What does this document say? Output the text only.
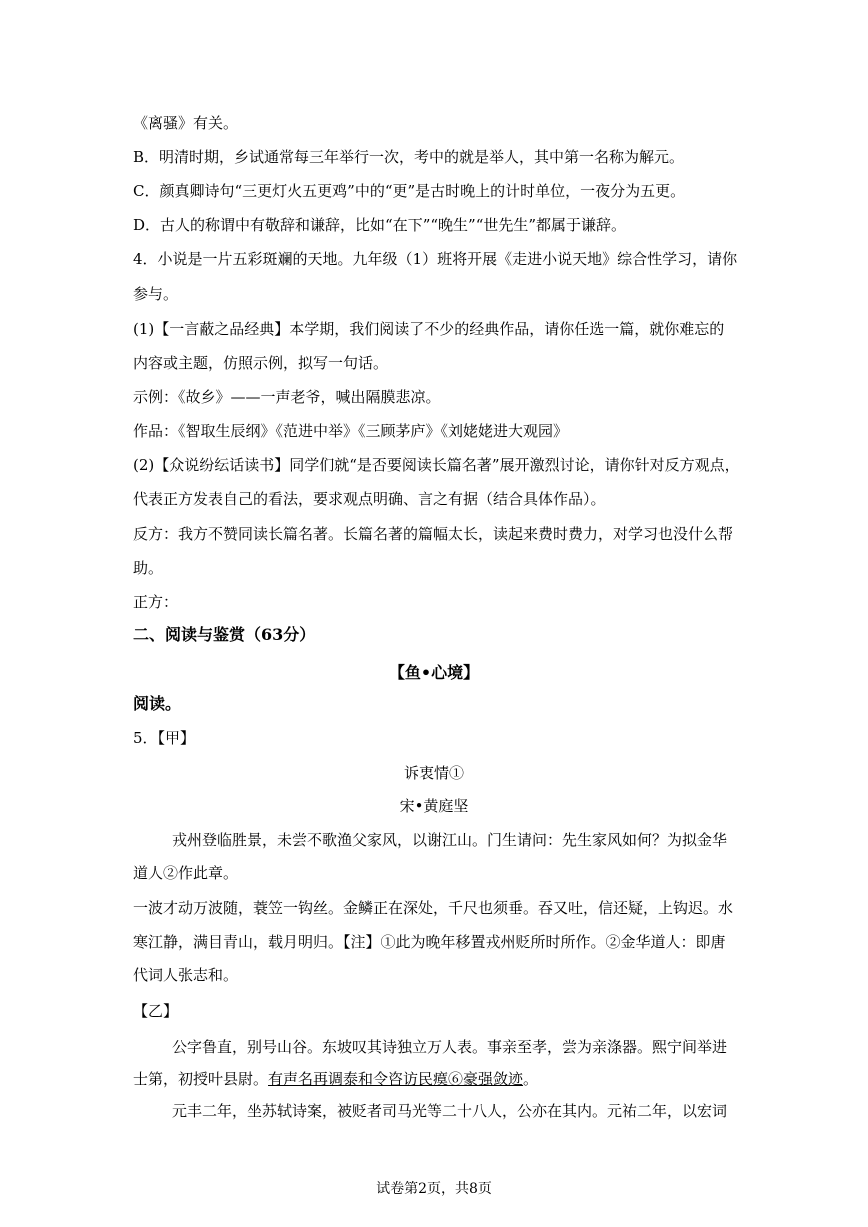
《离骚》有关。
B．明清时期，乡试通常每三年举行一次，考中的就是举人，其中第一名称为解元。
C．颜真卿诗句“三更灯火五更鸡”中的“更”是古时晚上的计时单位，一夜分为五更。
D．古人的称谓中有敬辞和谦辞，比如“在下”“晚生”“世先生”都属于谦辞。
4．小说是一片五彩斑斓的天地。九年级（1）班将开展《走进小说天地》综合性学习，请你
参与。
(1)【一言蔽之品经典】本学期，我们阅读了不少的经典作品，请你任选一篇，就你难忘的
内容或主题，仿照示例，拟写一句话。
示例：《故乡》——一声老爷，喊出隔膜悲凉。
作品：《智取生辰纲》《范进中举》《三顾茅庐》《刘姥姥进大观园》
(2)【众说纷纭话读书】同学们就“是否要阅读长篇名著”展开激烈讨论，请你针对反方观点，
代表正方发表自己的看法，要求观点明确、言之有据（结合具体作品）。
反方：我方不赞同读长篇名著。长篇名著的篇幅太长，读起来费时费力，对学习也没什么帮
助。
正方：
二、阅读与鉴赏（63分）
【鱼•心境】
阅读。
5．【甲】
诉衷情①
宋•黄庭坚
戎州登临胜景，未尝不歌渔父家风，以谢江山。门生请问：先生家风如何？为拟金华
道人②作此章。
一波才动万波随，蓑笠一钩丝。金鳞正在深处，千尺也须垂。吞又吐，信还疑，上钩迟。水
寒江静，满目青山，载月明归。【注】①此为晚年移置戎州贬所时所作。②金华道人：即唐
代词人张志和。
【乙】
公字鲁直，别号山谷。东坡叹其诗独立万人表。事亲至孝，尝为亲涤器。熙宁间举进
士第，初授叶县尉。有声名再调泰和令咨访民瘼⑥豪强敛迹。
元丰二年，坐苏轼诗案，被贬者司马光等二十八人，公亦在其内。元祐二年，以宏词
试卷第2页，共8页
